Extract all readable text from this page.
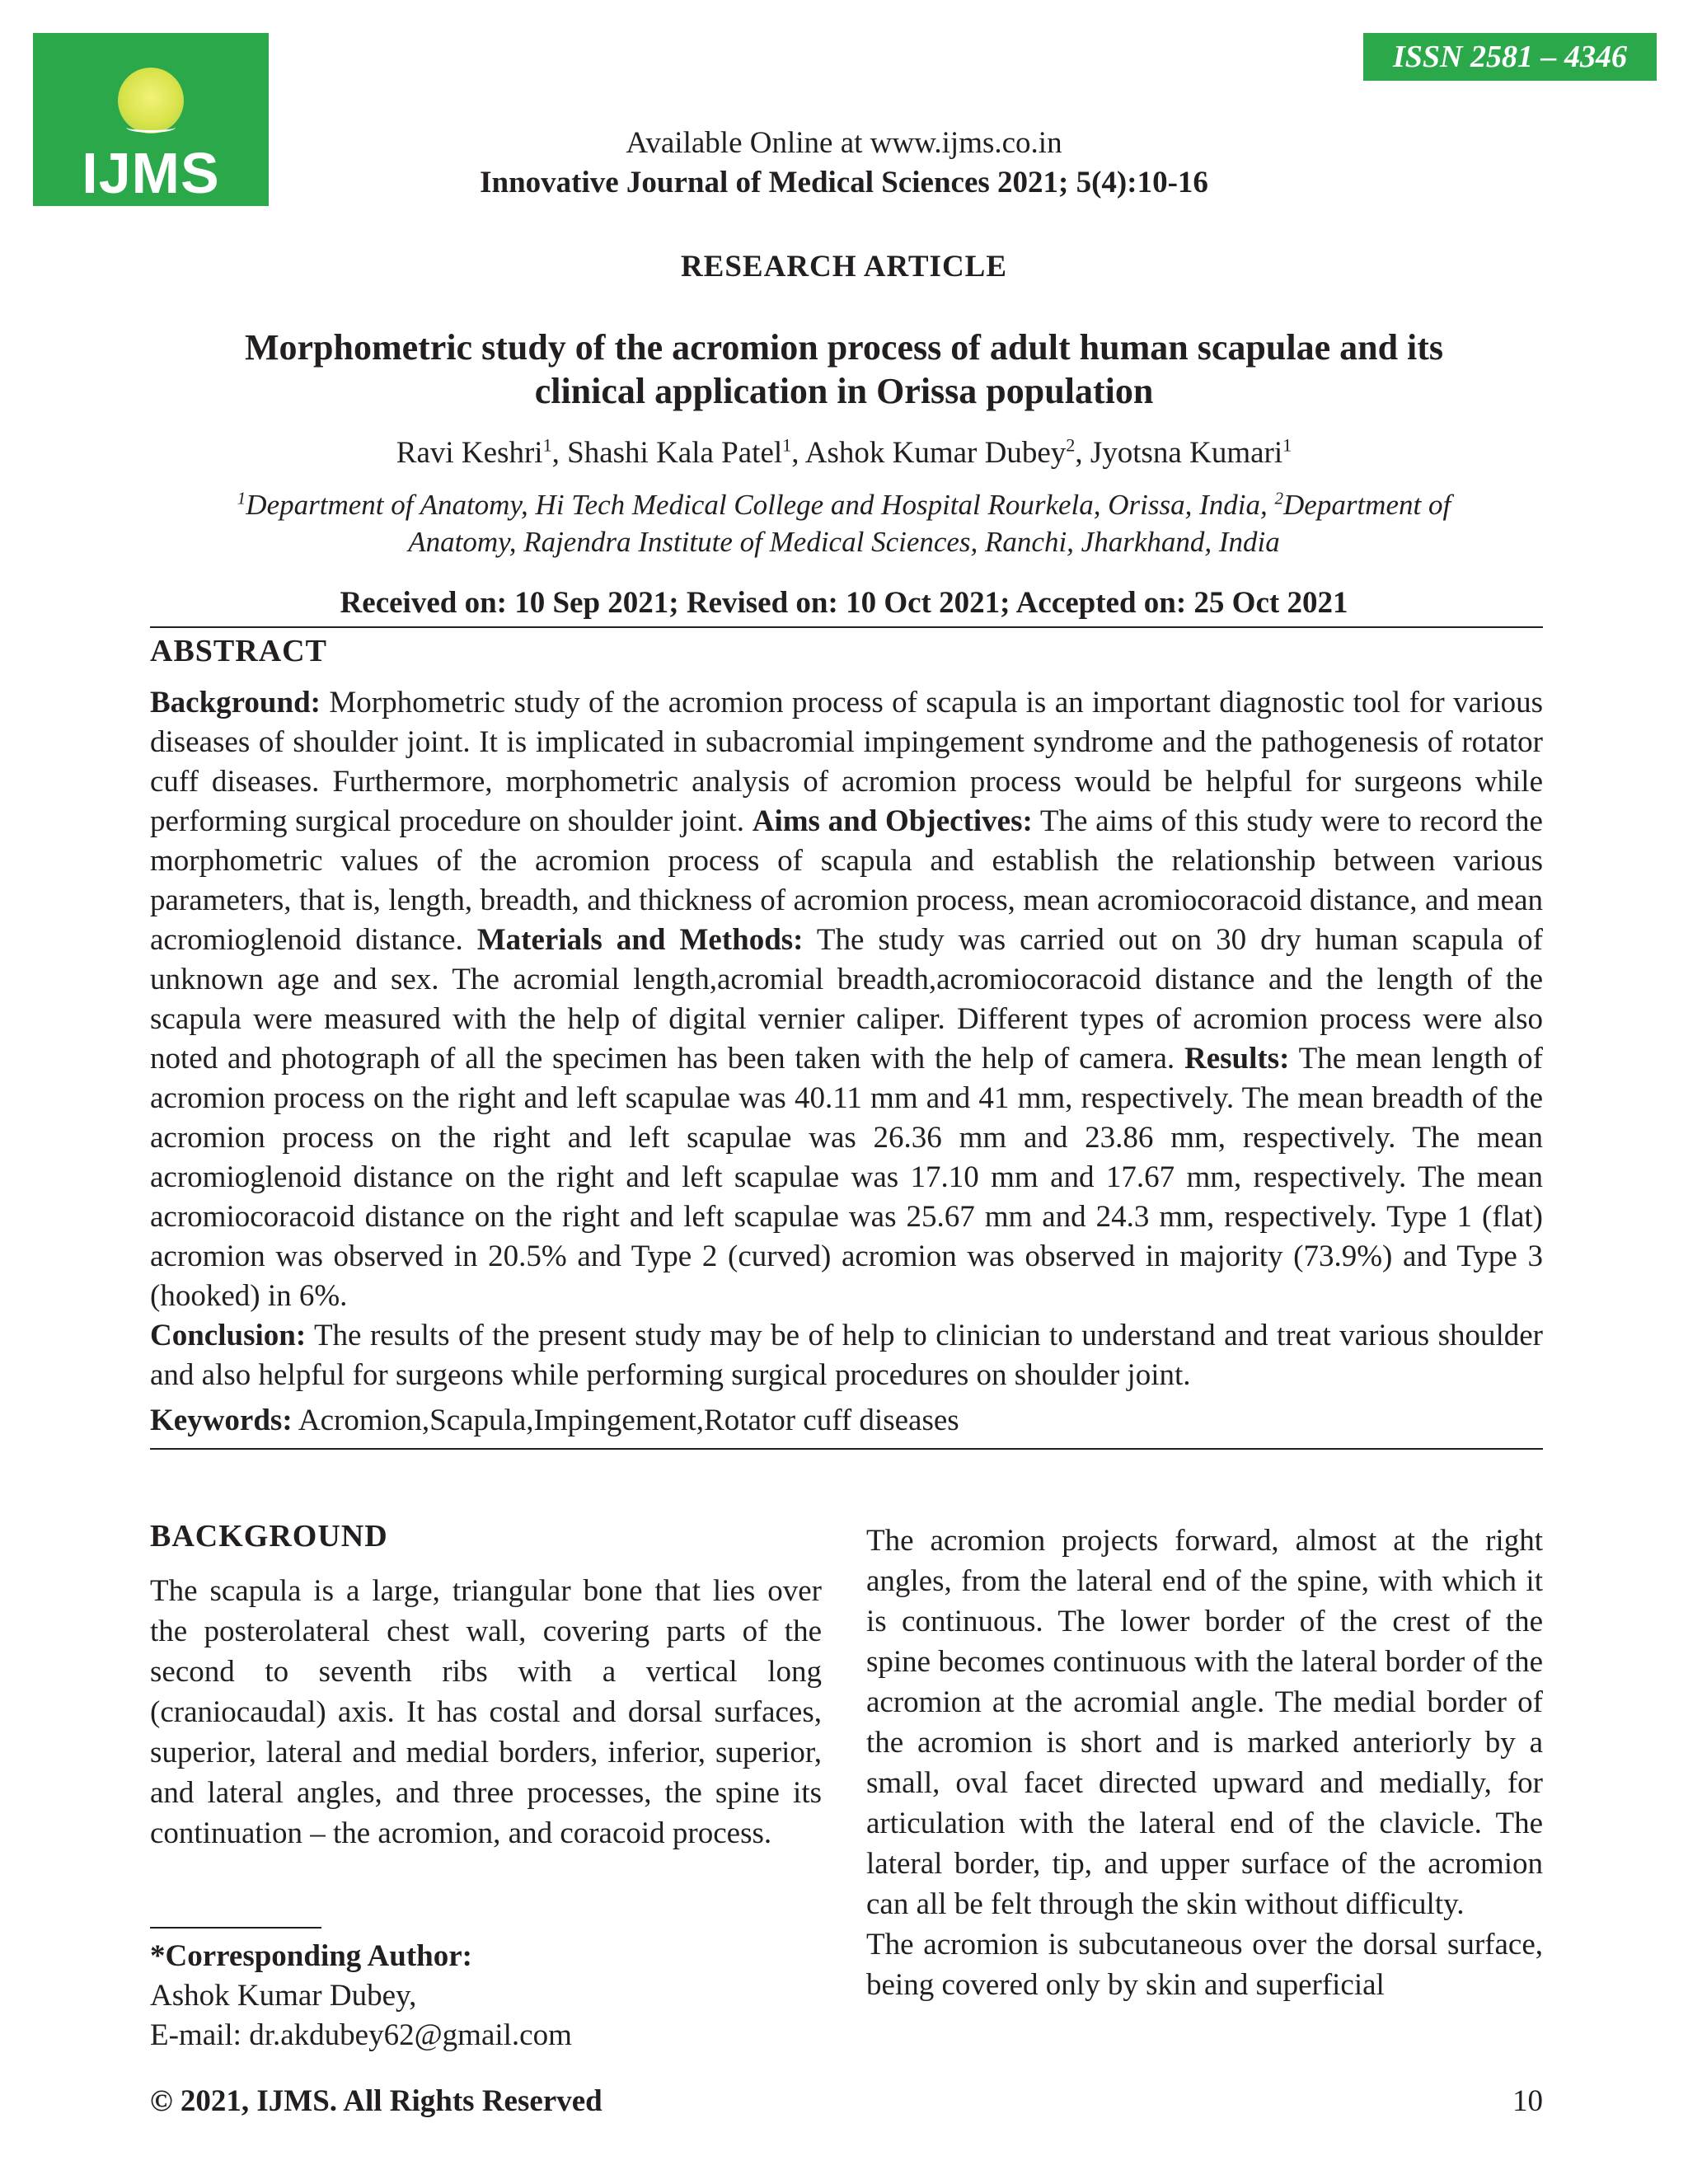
IJMS
ISSN 2581 – 4346
Available Online at www.ijms.co.in
Innovative Journal of Medical Sciences 2021; 5(4):10-16
RESEARCH ARTICLE
Morphometric study of the acromion process of adult human scapulae and its
clinical application in Orissa population
Ravi Keshri$^1$, Shashi Kala Patel$^1$, Ashok Kumar Dubey$^2$, Jyotsna Kumari$^1$
$^1$Department of Anatomy, Hi Tech Medical College and Hospital Rourkela, Orissa, India, $^2$Department of
Anatomy, Rajendra Institute of Medical Sciences, Ranchi, Jharkhand, India
Received on: 10 Sep 2021; Revised on: 10 Oct 2021; Accepted on: 25 Oct 2021
ABSTRACT
Background: Morphometric study of the acromion process of scapula is an important diagnostic tool for various diseases of shoulder joint. It is implicated in subacromial impingement syndrome and the pathogenesis of rotator cuff diseases. Furthermore, morphometric analysis of acromion process would be helpful for surgeons while performing surgical procedure on shoulder joint. Aims and Objectives: The aims of this study were to record the morphometric values of the acromion process of scapula and establish the relationship between various parameters, that is, length, breadth, and thickness of acromion process, mean acromiocoracoid distance, and mean acromioglenoid distance. Materials and Methods: The study was carried out on 30 dry human scapula of unknown age and sex. The acromial length,acromial breadth,acromiocoracoid distance and the length of the scapula were measured with the help of digital vernier caliper. Different types of acromion process were also noted and photograph of all the specimen has been taken with the help of camera. Results: The mean length of acromion process on the right and left scapulae was 40.11 mm and 41 mm, respectively. The mean breadth of the acromion process on the right and left scapulae was 26.36 mm and 23.86 mm, respectively. The mean acromioglenoid distance on the right and left scapulae was 17.10 mm and 17.67 mm, respectively. The mean acromiocoracoid distance on the right and left scapulae was 25.67 mm and 24.3 mm, respectively. Type 1 (flat) acromion was observed in 20.5% and Type 2 (curved) acromion was observed in majority (73.9%) and Type 3 (hooked) in 6%.
Conclusion: The results of the present study may be of help to clinician to understand and treat various shoulder and also helpful for surgeons while performing surgical procedures on shoulder joint.
Keywords: Acromion,Scapula,Impingement,Rotator cuff diseases
BACKGROUND

The scapula is a large, triangular bone that lies over the posterolateral chest wall, covering parts of the second to seventh ribs with a vertical long (craniocaudal) axis. It has costal and dorsal surfaces, superior, lateral and medial borders, inferior, superior, and lateral angles, and three processes, the spine its continuation – the acromion, and coracoid process.

*Corresponding Author:
Ashok Kumar Dubey,
E-mail: dr.akdubey62@gmail.com

The acromion projects forward, almost at the right angles, from the lateral end of the spine, with which it is continuous. The lower border of the crest of the spine becomes continuous with the lateral border of the acromion at the acromial angle. The medial border of the acromion is short and is marked anteriorly by a small, oval facet directed upward and medially, for articulation with the lateral end of the clavicle. The lateral border, tip, and upper surface of the acromion can all be felt through the skin without difficulty.

The acromion is subcutaneous over the dorsal surface, being covered only by skin and superficial

© 2021, IJMS. All Rights Reserved	10
